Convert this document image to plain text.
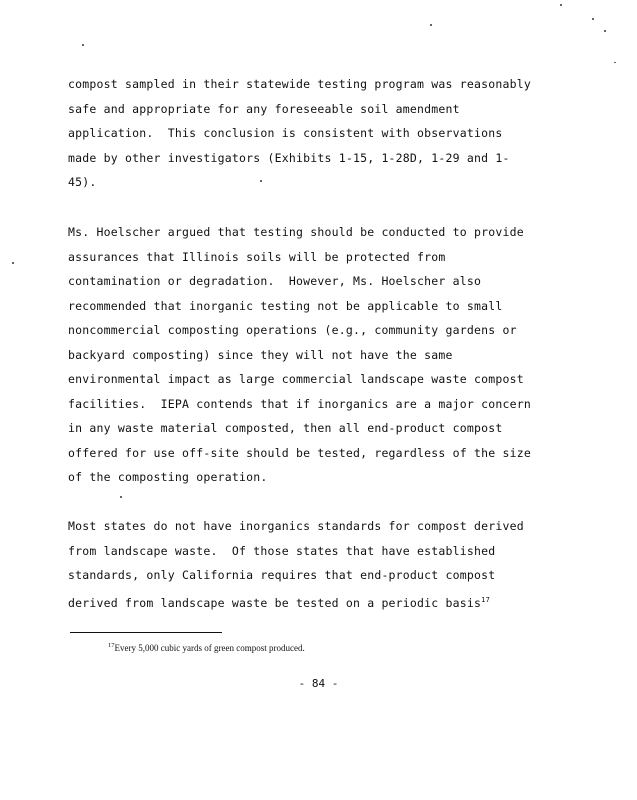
compost sampled in their statewide testing program was reasonably
safe and appropriate for any foreseeable soil amendment
application.  This conclusion is consistent with observations
made by other investigators (Exhibits 1-15, 1-28D, 1-29 and 1-
45).

Ms. Hoelscher argued that testing should be conducted to provide
assurances that Illinois soils will be protected from
contamination or degradation.  However, Ms. Hoelscher also
recommended that inorganic testing not be applicable to small
noncommercial composting operations (e.g., community gardens or
backyard composting) since they will not have the same
environmental impact as large commercial landscape waste compost
facilities.  IEPA contends that if inorganics are a major concern
in any waste material composted, then all end-product compost
offered for use off-site should be tested, regardless of the size
of the composting operation.

Most states do not have inorganics standards for compost derived
from landscape waste.  Of those states that have established
standards, only California requires that end-product compost
derived from landscape waste be tested on a periodic basis$^{17}$

$^{17}$Every 5,000 cubic yards of green compost produced.
- 84 -
